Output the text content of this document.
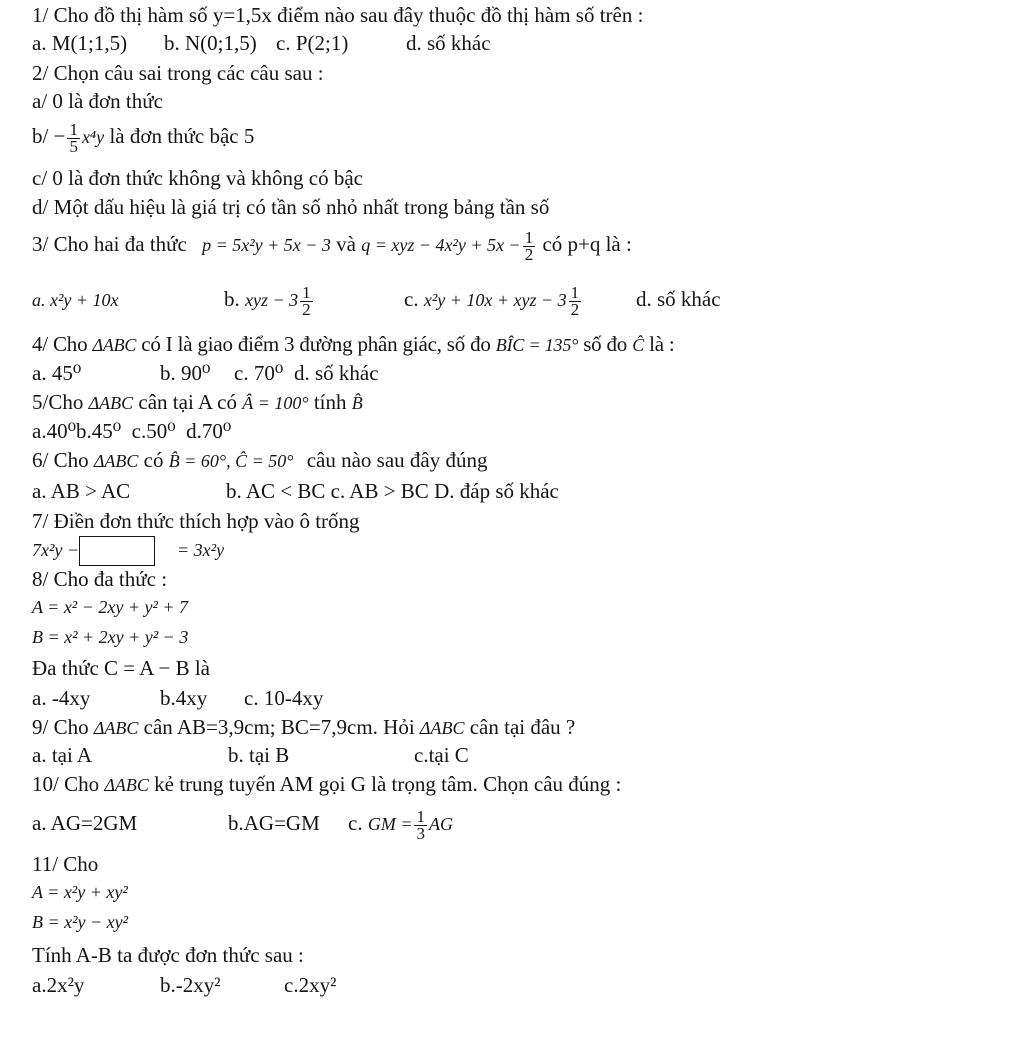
1/ Cho đồ thị hàm số y=1,5x điểm nào sau đây thuộc đồ thị hàm số trên :
a. M(1;1,5) b. N(0;1,5) c. P(2;1)	d. số khác
2/ Chọn câu sai trong các câu sau :
a/ 0 là đơn thức
$b/ - \frac{1}{5} x^4y$ là đơn thức bậc 5
c/ 0 là đơn thức không và không có bậc
d/ Một dấu hiệu là giá trị có tần số nhỏ nhất trong bảng tần số
3/ Cho hai đa thức p = 5x²y + 5x − 3 và q = xyz − $4x^2y + 5x - \frac{1}{2}$ có p+q là :
a. x²y + 10x	b. xyz − $3 \frac{1}{2}$	c. x²y + 10x + xyz − $3 \frac{1}{2}$	d. số khác
4/ Cho ΔABC có I là giao điểm 3 đường phân giác, số đo BÎC = 135° số đo Ĉ là :
a. 45⁰	b. 90⁰ c. 70⁰ d. số khác
5/Cho ΔABC cân tại A có Â = 100° tính B̂
a.40⁰b.45⁰ c.50⁰ d.70⁰
6/ Cho ΔABC có B̂ = 60°, Ĉ = 50° câu nào sau đây đúng
a. AB > AC	b. AC < BC c. AB > BC D. đáp số khác
7/ Điền đơn thức thích hợp vào ô trống
7x²y −	= 3x²y
8/ Cho đa thức :
A = x² − 2xy + y² + 7
B = x² + 2xy + y² − 3
Đa thức C = A − B là
a. -4xy	b.4xy c. 10-4xy
9/ Cho ΔABC cân AB=3,9cm; BC=7,9cm. Hỏi ΔABC cân tại đâu ?
a. tại A	b. tại B	c.tại C
10/ Cho ΔABC kẻ trung tuyến AM gọi G là trọng tâm. Chọn câu đúng :
a. AG=2GM	b.AG=GM c. GM = $\frac{1}{3}$ AG
11/ Cho
A = x²y + xy²
B = x²y − xy²
Tính A-B ta được đơn thức sau :
a.2x²y	b.-2xy²	c.2xy²
